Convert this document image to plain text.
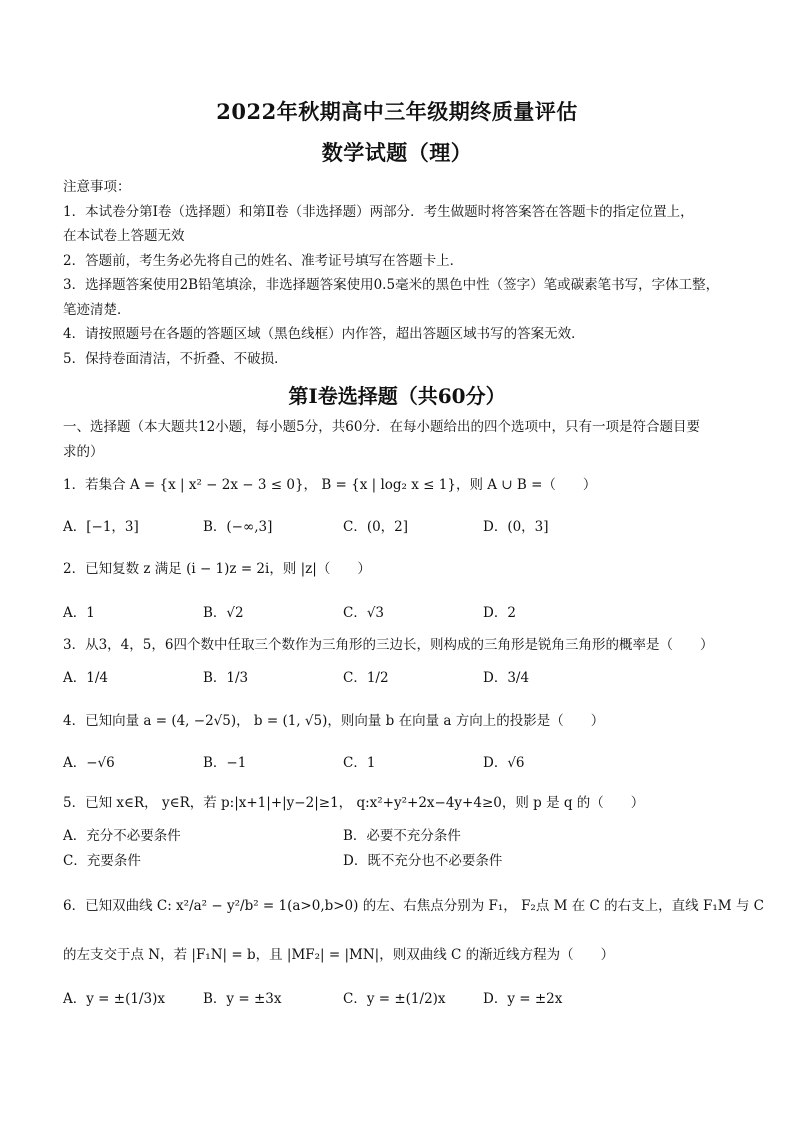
2022年秋期高中三年级期终质量评估
数学试题（理）
注意事项：
1．本试卷分第Ⅰ卷（选择题）和第Ⅱ卷（非选择题）两部分．考生做题时将答案答在答题卡的指定位置上，
在本试卷上答题无效
2．答题前，考生务必先将自己的姓名、准考证号填写在答题卡上．
3．选择题答案使用2B铅笔填涂，非选择题答案使用0.5毫米的黑色中性（签字）笔或碳素笔书写，字体工整，
笔迹清楚．
4．请按照题号在各题的答题区域（黑色线框）内作答，超出答题区域书写的答案无效．
5．保持卷面清洁，不折叠、不破损．
第Ⅰ卷选择题（共60分）
一、选择题（本大题共12小题，每小题5分，共60分．在每小题给出的四个选项中，只有一项是符合题目要
求的）
1．若集合 A = {x | x² − 2x − 3 ≤ 0}， B = {x | log₂ x ≤ 1}，则 A ∪ B =（　　）
A．[−1，3]	B．(−∞,3]	C．(0，2]	D．(0，3]
2．已知复数 z 满足 (i − 1)z = 2i，则 |z|（　　）
A．1	B．√2	C．√3	D．2
3．从3，4，5，6四个数中任取三个数作为三角形的三边长，则构成的三角形是锐角三角形的概率是（　　）
A．1/4	B．1/3	C．1/2	D．3/4
4．已知向量 a = (4, −2√5)， b = (1, √5)，则向量 b 在向量 a 方向上的投影是（　　）
A．−√6	B．−1	C．1	D．√6
5．已知 x∈R， y∈R，若 p:|x+1|+|y−2|≥1， q:x²+y²+2x−4y+4≥0，则 p 是 q 的（　　）
A．充分不必要条件	B．必要不充分条件
C．充要条件	D．既不充分也不必要条件
6．已知双曲线 C: x²/a² − y²/b² = 1(a>0,b>0) 的左、右焦点分别为 F₁， F₂点 M 在 C 的右支上，直线 F₁M 与 C
的左支交于点 N，若 |F₁N| = b，且 |MF₂| = |MN|，则双曲线 C 的渐近线方程为（　　）
A．y = ±(1/3)x	B．y = ±3x	C．y = ±(1/2)x	D．y = ±2x
